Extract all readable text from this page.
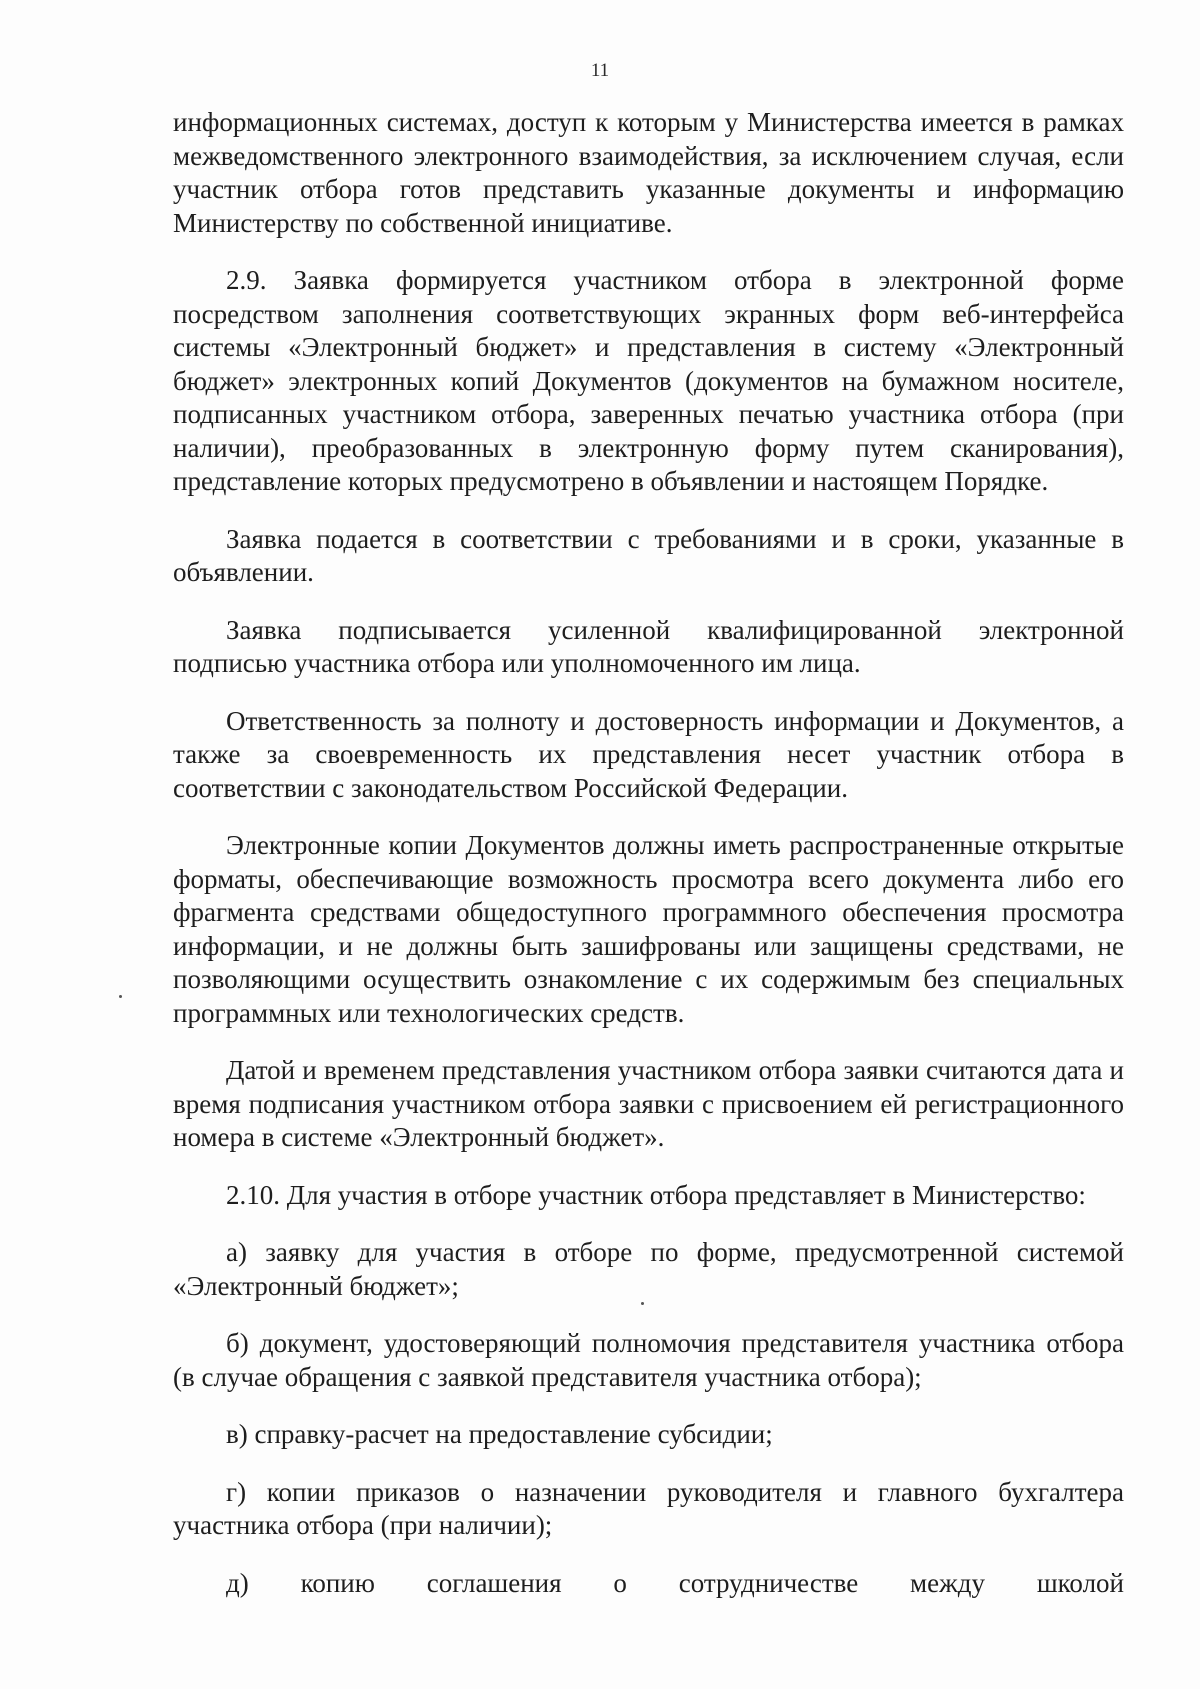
11

информационных системах, доступ к которым у Министерства имеется в рамках межведомственного электронного взаимодействия, за исключением случая, если участник отбора готов представить указанные документы и информацию Министерству по собственной инициативе.

2.9. Заявка формируется участником отбора в электронной форме посредством заполнения соответствующих экранных форм веб-интерфейса системы «Электронный бюджет» и представления в систему «Электронный бюджет» электронных копий Документов (документов на бумажном носителе, подписанных участником отбора, заверенных печатью участника отбора (при наличии), преобразованных в электронную форму путем сканирования), представление которых предусмотрено в объявлении и настоящем Порядке.

Заявка подается в соответствии с требованиями и в сроки, указанные в объявлении.

Заявка подписывается усиленной квалифицированной электронной подписью участника отбора или уполномоченного им лица.

Ответственность за полноту и достоверность информации и Документов, а также за своевременность их представления несет участник отбора в соответствии с законодательством Российской Федерации.

Электронные копии Документов должны иметь распространенные открытые форматы, обеспечивающие возможность просмотра всего документа либо его фрагмента средствами общедоступного программного обеспечения просмотра информации, и не должны быть зашифрованы или защищены средствами, не позволяющими осуществить ознакомление с их содержимым без специальных программных или технологических средств.

Датой и временем представления участником отбора заявки считаются дата и время подписания участником отбора заявки с присвоением ей регистрационного номера в системе «Электронный бюджет».

2.10. Для участия в отборе участник отбора представляет в Министерство:

а) заявку для участия в отборе по форме, предусмотренной системой «Электронный бюджет»;

б) документ, удостоверяющий полномочия представителя участника отбора (в случае обращения с заявкой представителя участника отбора);

в) справку-расчет на предоставление субсидии;

г) копии приказов о назначении руководителя и главного бухгалтера участника отбора (при наличии);

д) копию соглашения о сотрудничестве между школой
